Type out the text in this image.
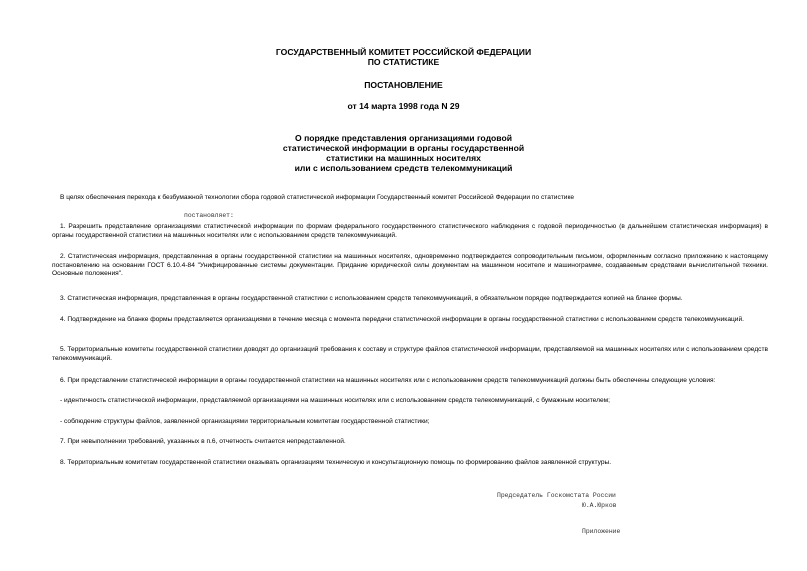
ГОСУДАРСТВЕННЫЙ КОМИТЕТ РОССИЙСКОЙ ФЕДЕРАЦИИ
ПО СТАТИСТИКЕ
ПОСТАНОВЛЕНИЕ
от 14 марта 1998 года N 29
О порядке представления организациями годовой
статистической информации в органы государственной
статистики на машинных носителях
или с использованием средств телекоммуникаций
В целях обеспечения перехода к безбумажной технологии сбора годовой статистической информации Государственный комитет Российской Федерации по статистике
постановляет:
1. Разрешить представление организациями статистической информации по формам федерального государственного статистического наблюдения с годовой периодичностью (в дальнейшем статистическая информация) в органы государственной статистики на машинных носителях или с использованием средств телекоммуникаций.
2. Статистическая информация, представленная в органы государственной статистики на машинных носителях, одновременно подтверждается сопроводительным письмом, оформленным согласно приложению к настоящему постановлению на основании ГОСТ 6.10.4-84 "Унифицированные системы документации. Придание юридической силы документам на машинном носителе и машинограмме, создаваемым средствами вычислительной техники. Основные положения".
3. Статистическая информация, представленная в органы государственной статистики с использованием средств телекоммуникаций, в обязательном порядке подтверждается копией на бланке формы.
4. Подтверждение на бланке формы представляется организациями в течение месяца с момента передачи статистической информации в органы государственной статистики с использованием средств телекоммуникаций.
5. Территориальные комитеты государственной статистики доводят до организаций требования к составу и структуре файлов статистической информации, представляемой на машинных носителях или с использованием средств телекоммуникаций.
6. При представлении статистической информации в органы государственной статистики на машинных носителях или с использованием средств телекоммуникаций должны быть обеспечены следующие условия:
- идентичность статистической информации, представляемой организациями на машинных носителях или с использованием средств телекоммуникаций, с бумажным носителем;
- соблюдение структуры файлов, заявленной организациями территориальным комитетам государственной статистики;
7. При невыполнении требований, указанных в п.6, отчетность считается непредставленной.
8. Территориальным комитетам государственной статистики оказывать организациям техническую и консультационную помощь по формированию файлов заявленной структуры.
Председатель Госкомстата России
Ю.А.Юрков
Приложение
